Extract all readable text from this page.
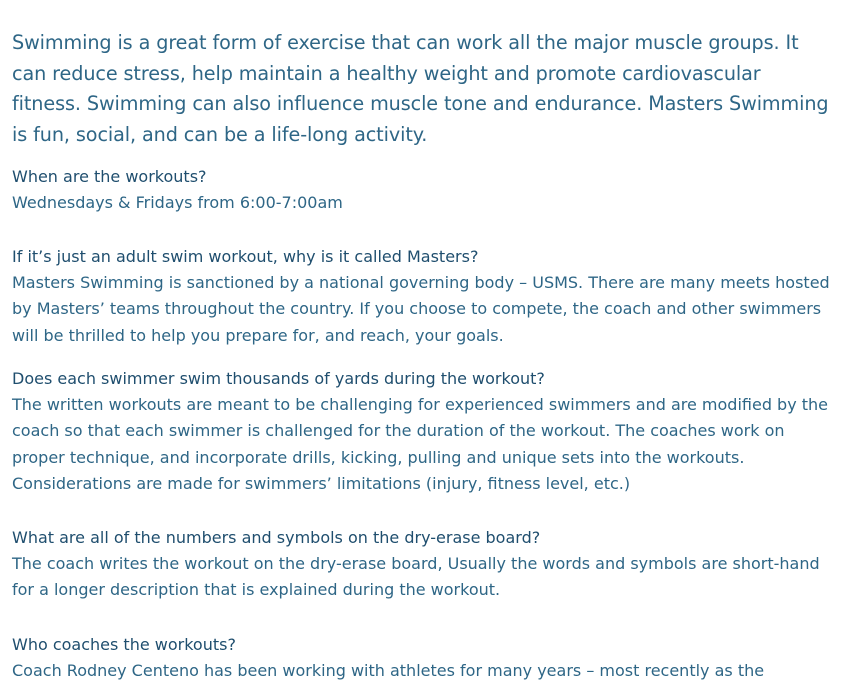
Swimming is a great form of exercise that can work all the major muscle groups. It can reduce stress, help maintain a healthy weight and promote cardiovascular fitness. Swimming can also influence muscle tone and endurance. Masters Swimming is fun, social, and can be a life-long activity.

When are the workouts?
Wednesdays & Fridays from 6:00-7:00am
If it’s just an adult swim workout, why is it called Masters?
Masters Swimming is sanctioned by a national governing body – USMS. There are many meets hosted by Masters’ teams throughout the country. If you choose to compete, the coach and other swimmers will be thrilled to help you prepare for, and reach, your goals.
Does each swimmer swim thousands of yards during the workout?
The written workouts are meant to be challenging for experienced swimmers and are modified by the coach so that each swimmer is challenged for the duration of the workout. The coaches work on proper technique, and incorporate drills, kicking, pulling and unique sets into the workouts. Considerations are made for swimmers’ limitations (injury, fitness level, etc.)
What are all of the numbers and symbols on the dry-erase board?
The coach writes the workout on the dry-erase board, Usually the words and symbols are short-hand for a longer description that is explained during the workout.
Who coaches the workouts?
Coach Rodney Centeno has been working with athletes for many years – most recently as the
